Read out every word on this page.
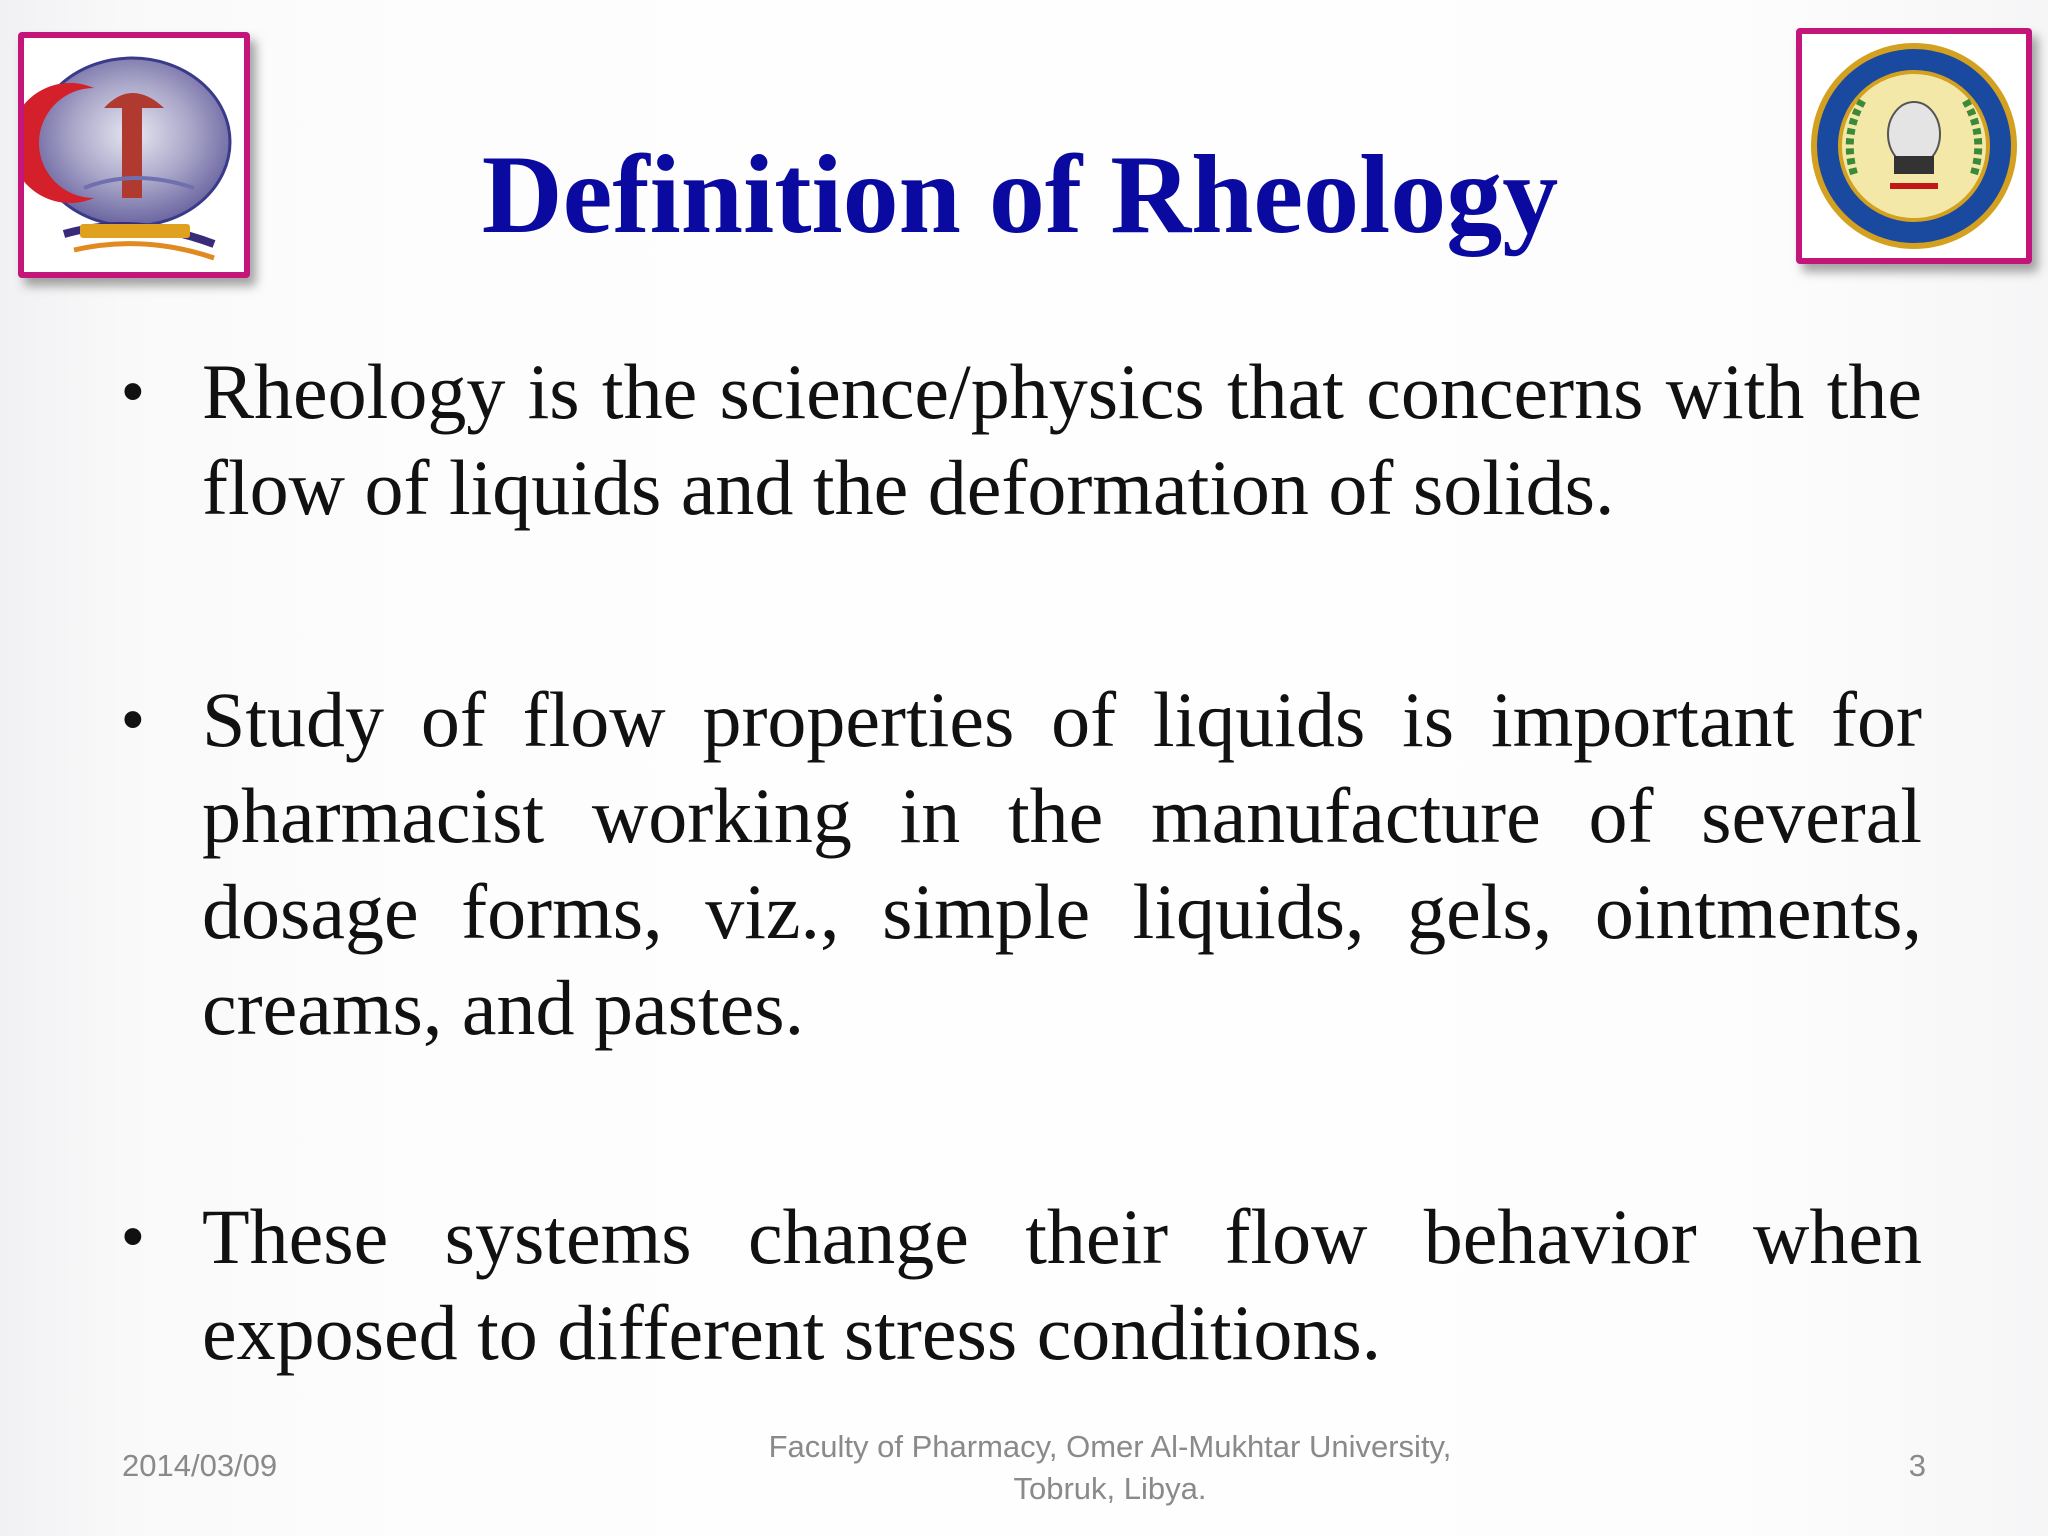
Definition of Rheology
• Rheology is the science/physics that concerns with the flow of liquids and the deformation of solids.

• Study of flow properties of liquids is important for pharmacist working in the manufacture of several dosage forms, viz., simple liquids, gels, ointments, creams, and pastes.

• These systems change their flow behavior when exposed to different stress conditions.

2014/03/09
Faculty of Pharmacy, Omer Al-Mukhtar University,
Tobruk, Libya.
3
